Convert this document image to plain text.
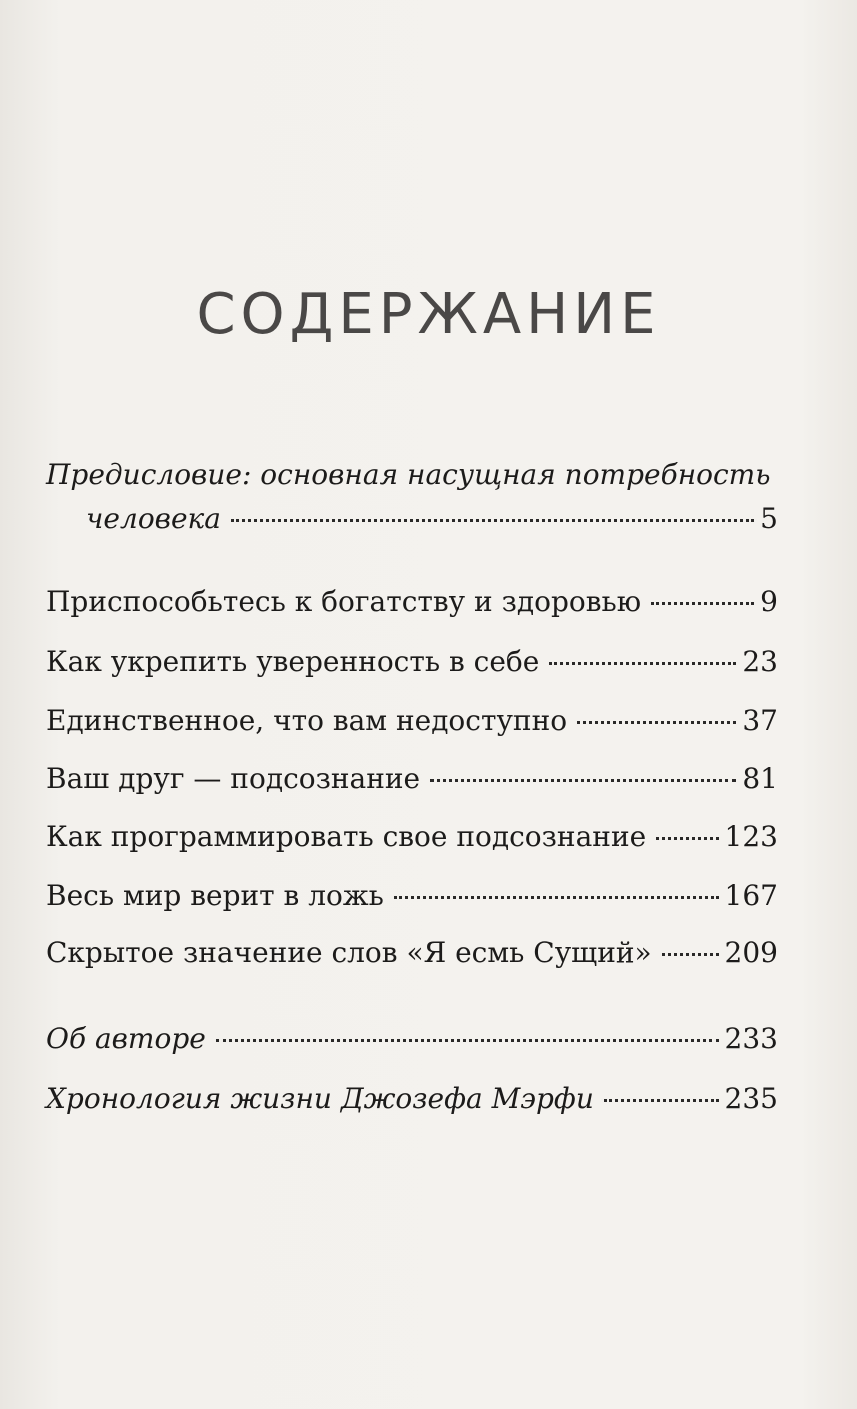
СОДЕРЖАНИЕ
Предисловие: основная насущная потребность
человека	5
Приспособьтесь к богатству и здоровью	9
Как укрепить уверенность в себе	23
Единственное, что вам недоступно	37
Ваш друг — подсознание	81
Как программировать свое подсознание	123
Весь мир верит в ложь	167
Скрытое значение слов «Я есмь Сущий»	209
Об авторе	233
Хронология жизни Джозефа Мэрфи	235
